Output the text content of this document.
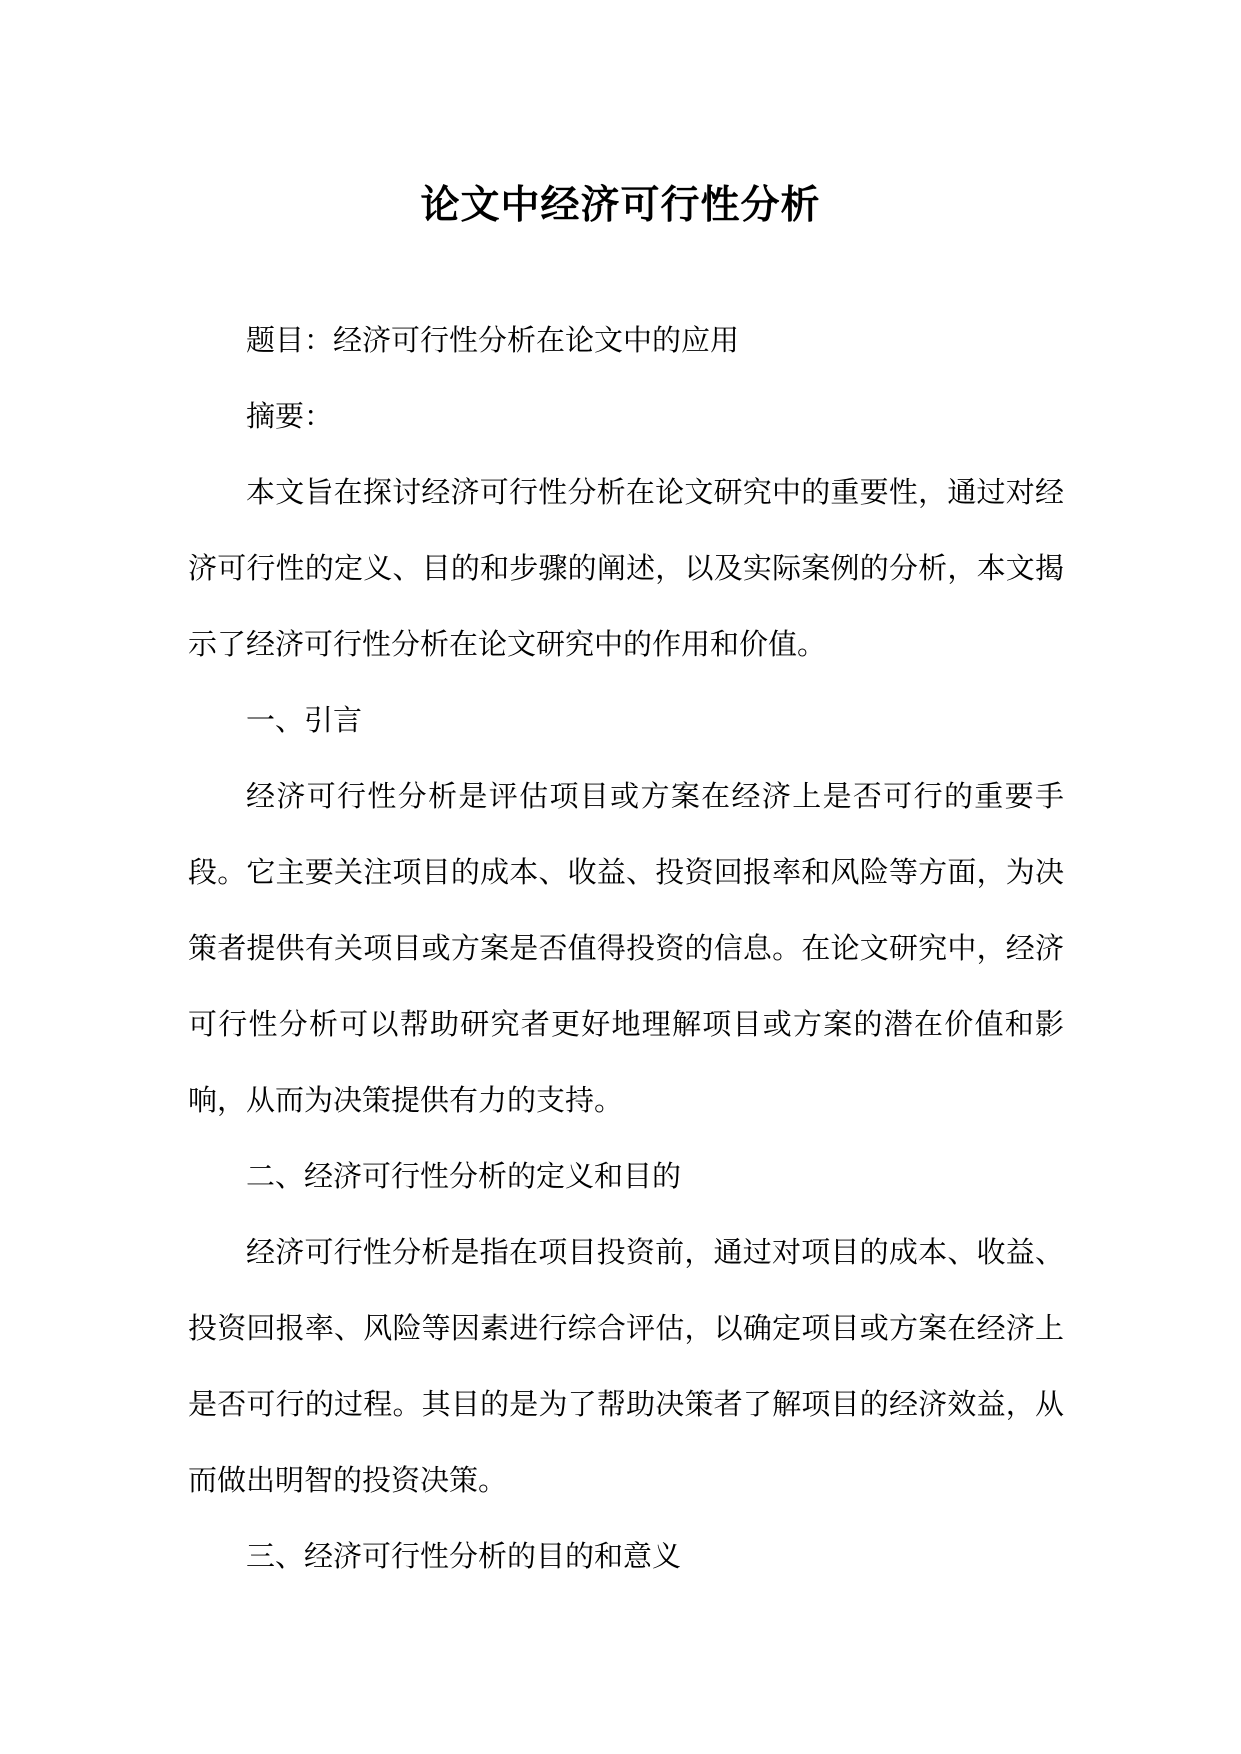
论文中经济可行性分析

题目：经济可行性分析在论文中的应用

摘要：

本文旨在探讨经济可行性分析在论文研究中的重要性，通过对经济可行性的定义、目的和步骤的阐述，以及实际案例的分析，本文揭示了经济可行性分析在论文研究中的作用和价值。

一、引言

经济可行性分析是评估项目或方案在经济上是否可行的重要手段。它主要关注项目的成本、收益、投资回报率和风险等方面，为决策者提供有关项目或方案是否值得投资的信息。在论文研究中，经济可行性分析可以帮助研究者更好地理解项目或方案的潜在价值和影响，从而为决策提供有力的支持。

二、经济可行性分析的定义和目的

经济可行性分析是指在项目投资前，通过对项目的成本、收益、投资回报率、风险等因素进行综合评估，以确定项目或方案在经济上是否可行的过程。其目的是为了帮助决策者了解项目的经济效益，从而做出明智的投资决策。

三、经济可行性分析的目的和意义
